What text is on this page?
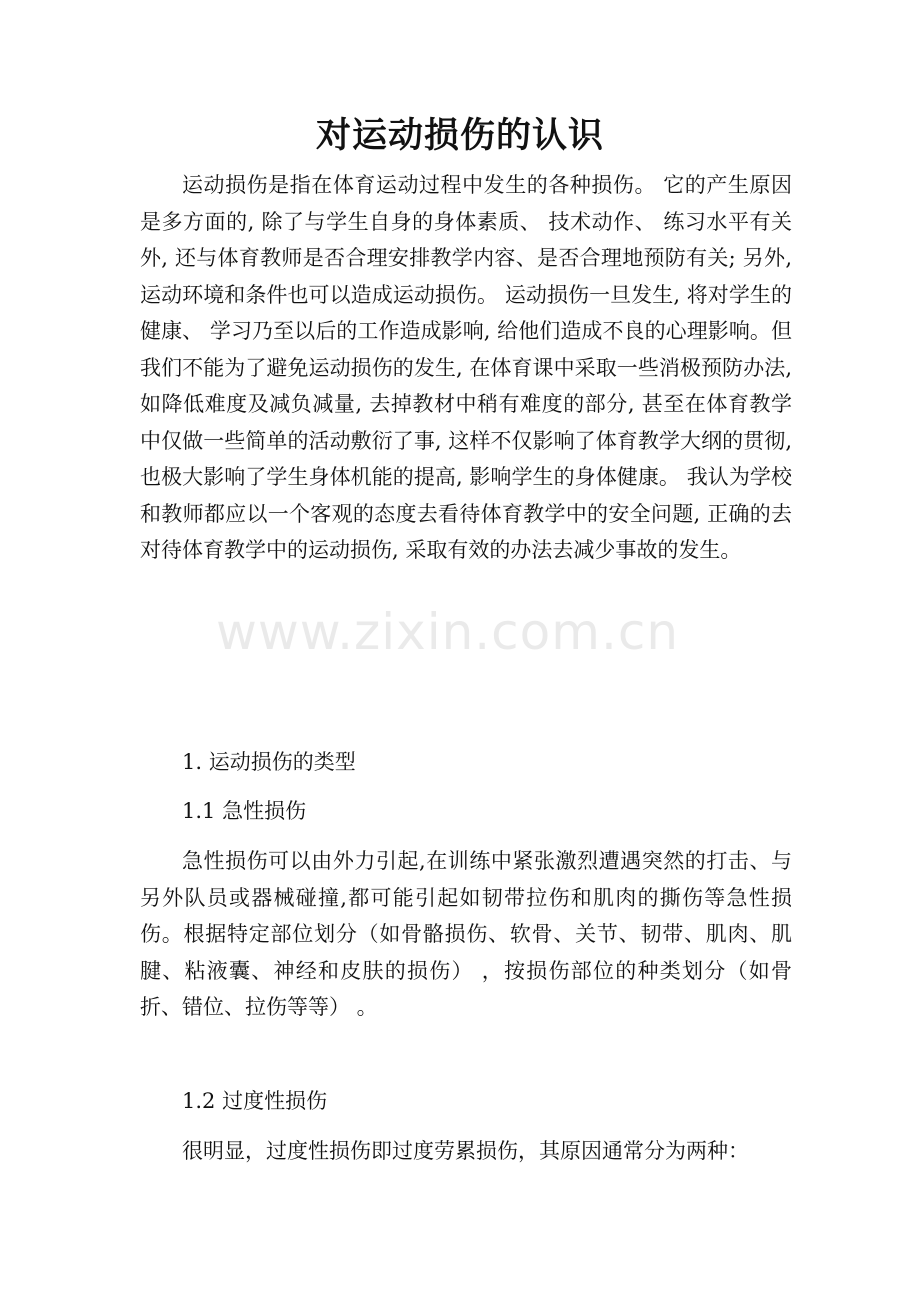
对运动损伤的认识

运动损伤是指在体育运动过程中发生的各种损伤。 它的产生原因是多方面的, 除了与学生自身的身体素质、 技术动作、 练习水平有关外, 还与体育教师是否合理安排教学内容、是否合理地预防有关; 另外, 运动环境和条件也可以造成运动损伤。 运动损伤一旦发生, 将对学生的健康、 学习乃至以后的工作造成影响, 给他们造成不良的心理影响。但我们不能为了避免运动损伤的发生, 在体育课中采取一些消极预防办法, 如降低难度及减负减量, 去掉教材中稍有难度的部分, 甚至在体育教学中仅做一些简单的活动敷衍了事, 这样不仅影响了体育教学大纲的贯彻, 也极大影响了学生身体机能的提高, 影响学生的身体健康。 我认为学校和教师都应以一个客观的态度去看待体育教学中的安全问题, 正确的去对待体育教学中的运动损伤, 采取有效的办法去减少事故的发生。

1. 运动损伤的类型

1.1 急性损伤

急性损伤可以由外力引起,在训练中紧张激烈遭遇突然的打击、与另外队员或器械碰撞,都可能引起如韧带拉伤和肌肉的撕伤等急性损伤。根据特定部位划分（如骨骼损伤、软骨、关节、韧带、肌肉、肌腱、粘液囊、神经和皮肤的损伤） ，按损伤部位的种类划分（如骨折、错位、拉伤等等） 。

1.2 过度性损伤

很明显，过度性损伤即过度劳累损伤，其原因通常分为两种：

www.zixin.com.cn
